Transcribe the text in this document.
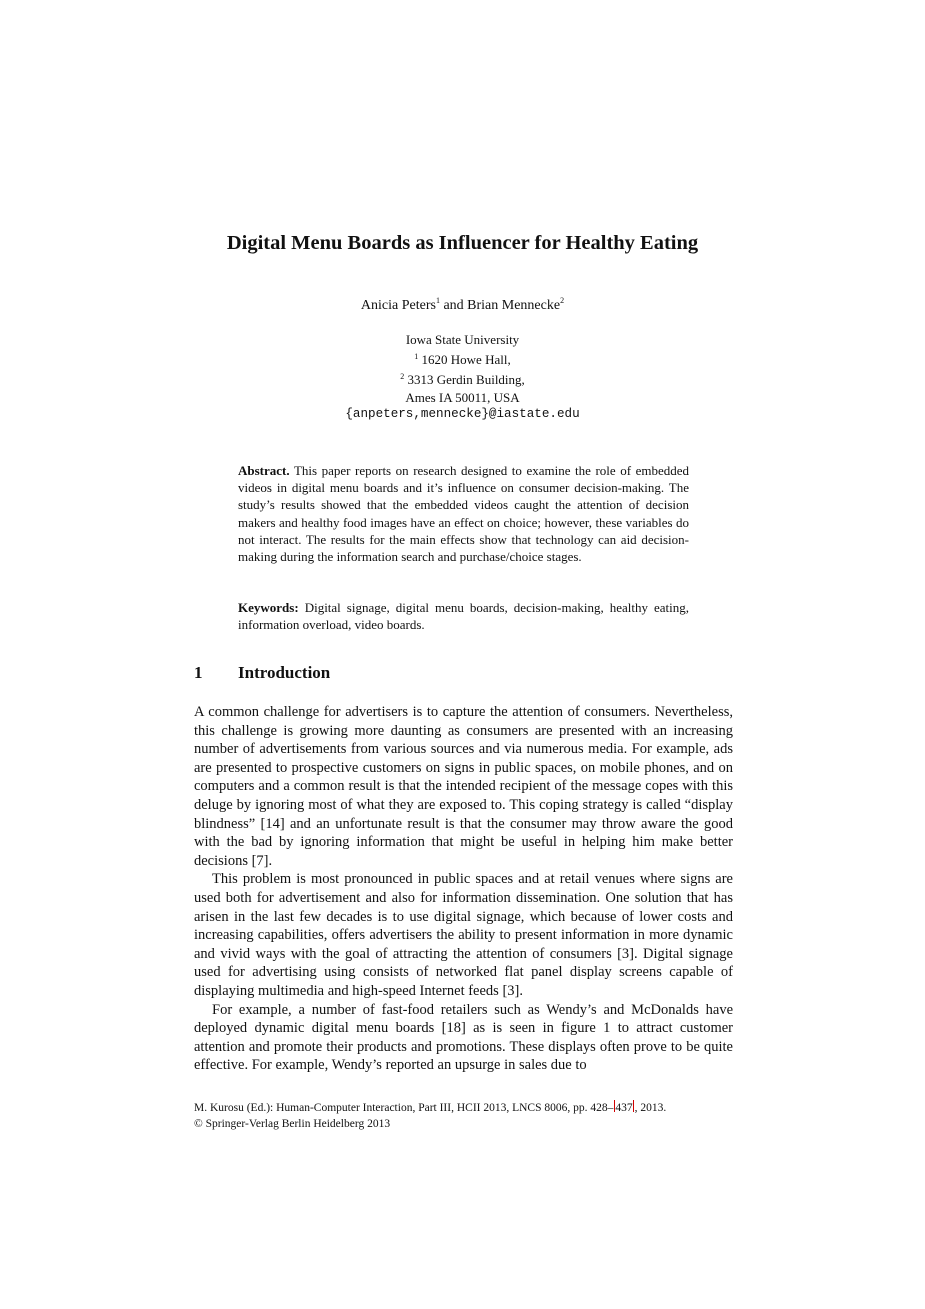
Digital Menu Boards as Influencer for Healthy Eating
Anicia Peters$^1$ and Brian Mennecke$^2$
Iowa State University
$^1$ 1620 Howe Hall,
$^2$ 3313 Gerdin Building,
Ames IA 50011, USA
{anpeters,mennecke}@iastate.edu
Abstract. This paper reports on research designed to examine the role of embedded videos in digital menu boards and it’s influence on consumer decision-making. The study’s results showed that the embedded videos caught the attention of decision makers and healthy food images have an effect on choice; however, these variables do not interact. The results for the main effects show that technology can aid decision-making during the information search and purchase/choice stages.
Keywords: Digital signage, digital menu boards, decision-making, healthy eating, information overload, video boards.
1 Introduction

A common challenge for advertisers is to capture the attention of consumers. Nevertheless, this challenge is growing more daunting as consumers are presented with an increasing number of advertisements from various sources and via numerous media. For example, ads are presented to prospective customers on signs in public spaces, on mobile phones, and on computers and a common result is that the intended recipient of the message copes with this deluge by ignoring most of what they are exposed to. This coping strategy is called “display blindness” [14] and an unfortunate result is that the consumer may throw aware the good with the bad by ignoring information that might be useful in helping him make better decisions [7].

This problem is most pronounced in public spaces and at retail venues where signs are used both for advertisement and also for information dissemination. One solution that has arisen in the last few decades is to use digital signage, which because of lower costs and increasing capabilities, offers advertisers the ability to present information in more dynamic and vivid ways with the goal of attracting the attention of consumers [3]. Digital signage used for advertising using consists of networked flat panel display screens capable of displaying multimedia and high-speed Internet feeds [3].

For example, a number of fast-food retailers such as Wendy’s and McDonalds have deployed dynamic digital menu boards [18] as is seen in figure 1 to attract customer attention and promote their products and promotions. These displays often prove to be quite effective. For example, Wendy’s reported an upsurge in sales due to

M. Kurosu (Ed.): Human-Computer Interaction, Part III, HCII 2013, LNCS 8006, pp. 428– 437 , 2013.
© Springer-Verlag Berlin Heidelberg 2013
